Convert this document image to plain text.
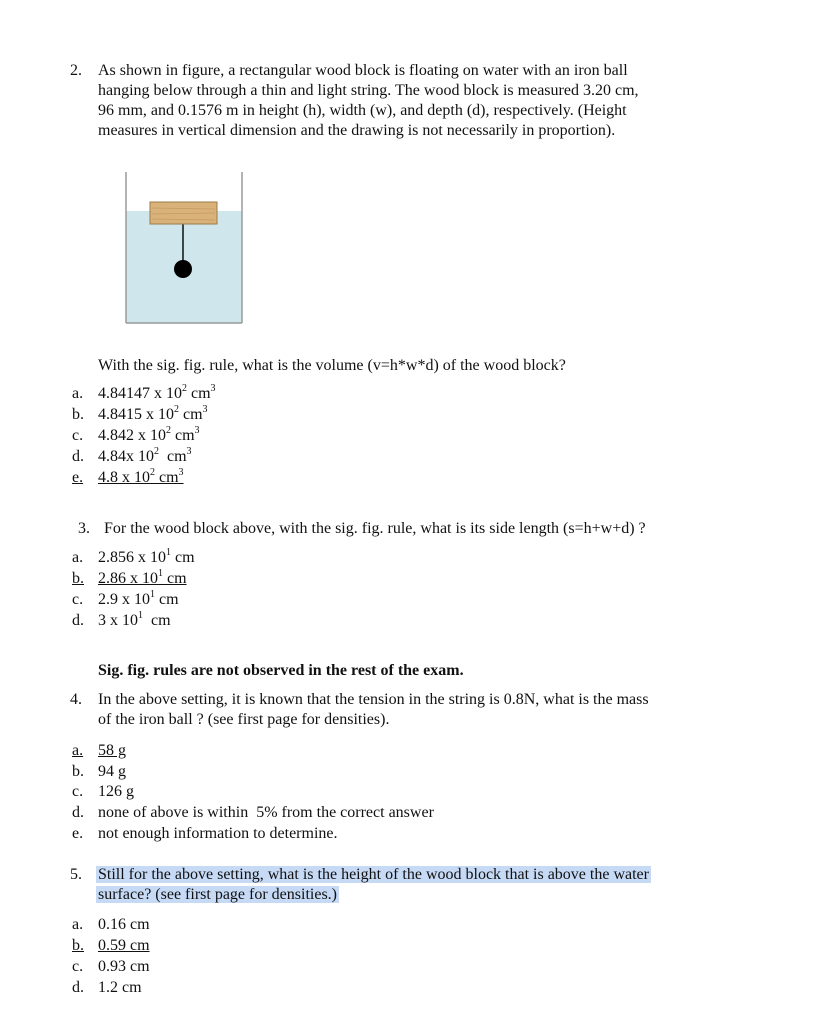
2. As shown in figure, a rectangular wood block is floating on water with an iron ball
hanging below through a thin and light string. The wood block is measured 3.20 cm,
96 mm, and 0.1576 m in height (h), width (w), and depth (d), respectively. (Height
measures in vertical dimension and the drawing is not necessarily in proportion).
With the sig. fig. rule, what is the volume (v=h*w*d) of the wood block?
a. 4.84147 x $10^2$ $cm^3$
b. 4.8415 x $10^2$ $cm^3$
c. 4.842 x $10^2$ $cm^3$
d. 4.84x $10^2$  $cm^3$
e. 4.8 x $10^2$ $cm^3$
3. For the wood block above, with the sig. fig. rule, what is its side length (s=h+w+d) ?
a. 2.856 x $10^1$ cm
b. 2.86 x $10^1$ cm
c. 2.9 x $10^1$ cm
d. 3 x $10^1$  cm
Sig. fig. rules are not observed in the rest of the exam.
4. In the above setting, it is known that the tension in the string is 0.8N, what is the mass
of the iron ball ? (see first page for densities).
a. 58 g
b. 94 g
c. 126 g
d. none of above is within  5% from the correct answer
e. not enough information to determine.
5. Still for the above setting, what is the height of the wood block that is above the water
surface? (see first page for densities.)
a. 0.16 cm
b. 0.59 cm
c. 0.93 cm
d. 1.2 cm
